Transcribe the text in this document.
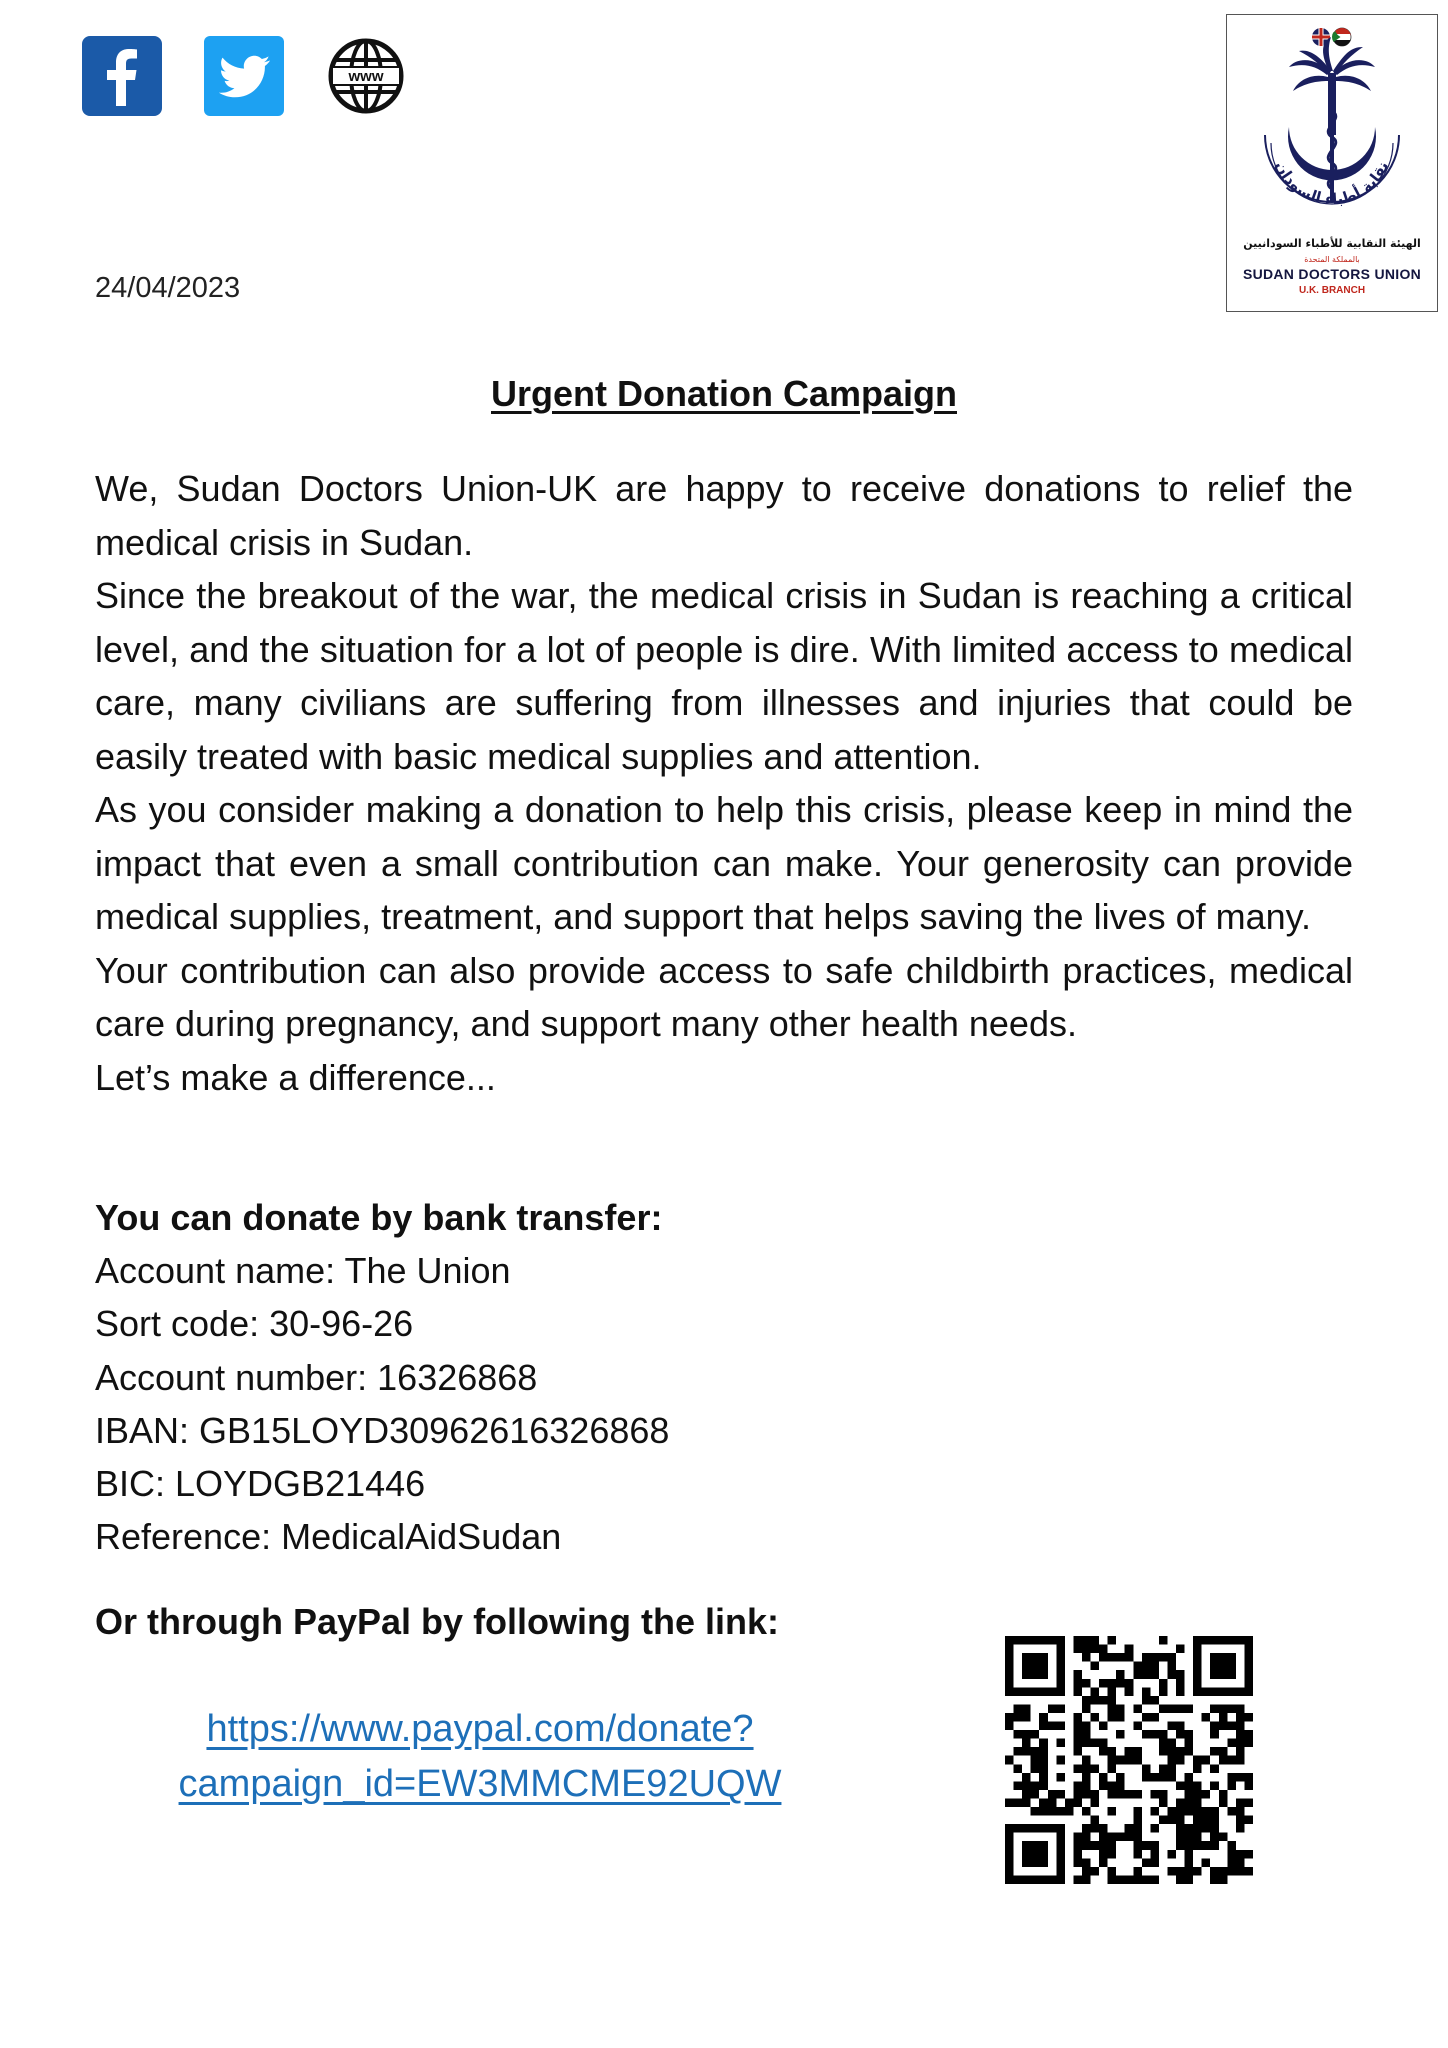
www
نقابة أطباء السودان
الهيئة النقابية للأطباء السودانيين
بالمملكة المتحدة
SUDAN DOCTORS UNION
U.K. BRANCH
24/04/2023
Urgent Donation Campaign

We, Sudan Doctors Union-UK are happy to receive donations to relief the medical crisis in Sudan.

Since the breakout of the war, the medical crisis in Sudan is reaching a critical level, and the situation for a lot of people is dire. With limited access to medical care, many civilians are suffering from illnesses and injuries that could be easily treated with basic medical supplies and attention.

As you consider making a donation to help this crisis, please keep in mind the impact that even a small contribution can make. Your generosity can provide medical supplies, treatment, and support that helps saving the lives of many.

Your contribution can also provide access to safe childbirth practices, medical care during pregnancy, and support many other health needs.

Let’s make a difference...

You can donate by bank transfer:
Account name: The Union
Sort code: 30-96-26
Account number: 16326868
IBAN: GB15LOYD30962616326868
BIC: LOYDGB21446
Reference: MedicalAidSudan
Or through PayPal by following the link:
https://www.paypal.com/donate?
campaign_id=EW3MMCME92UQW
